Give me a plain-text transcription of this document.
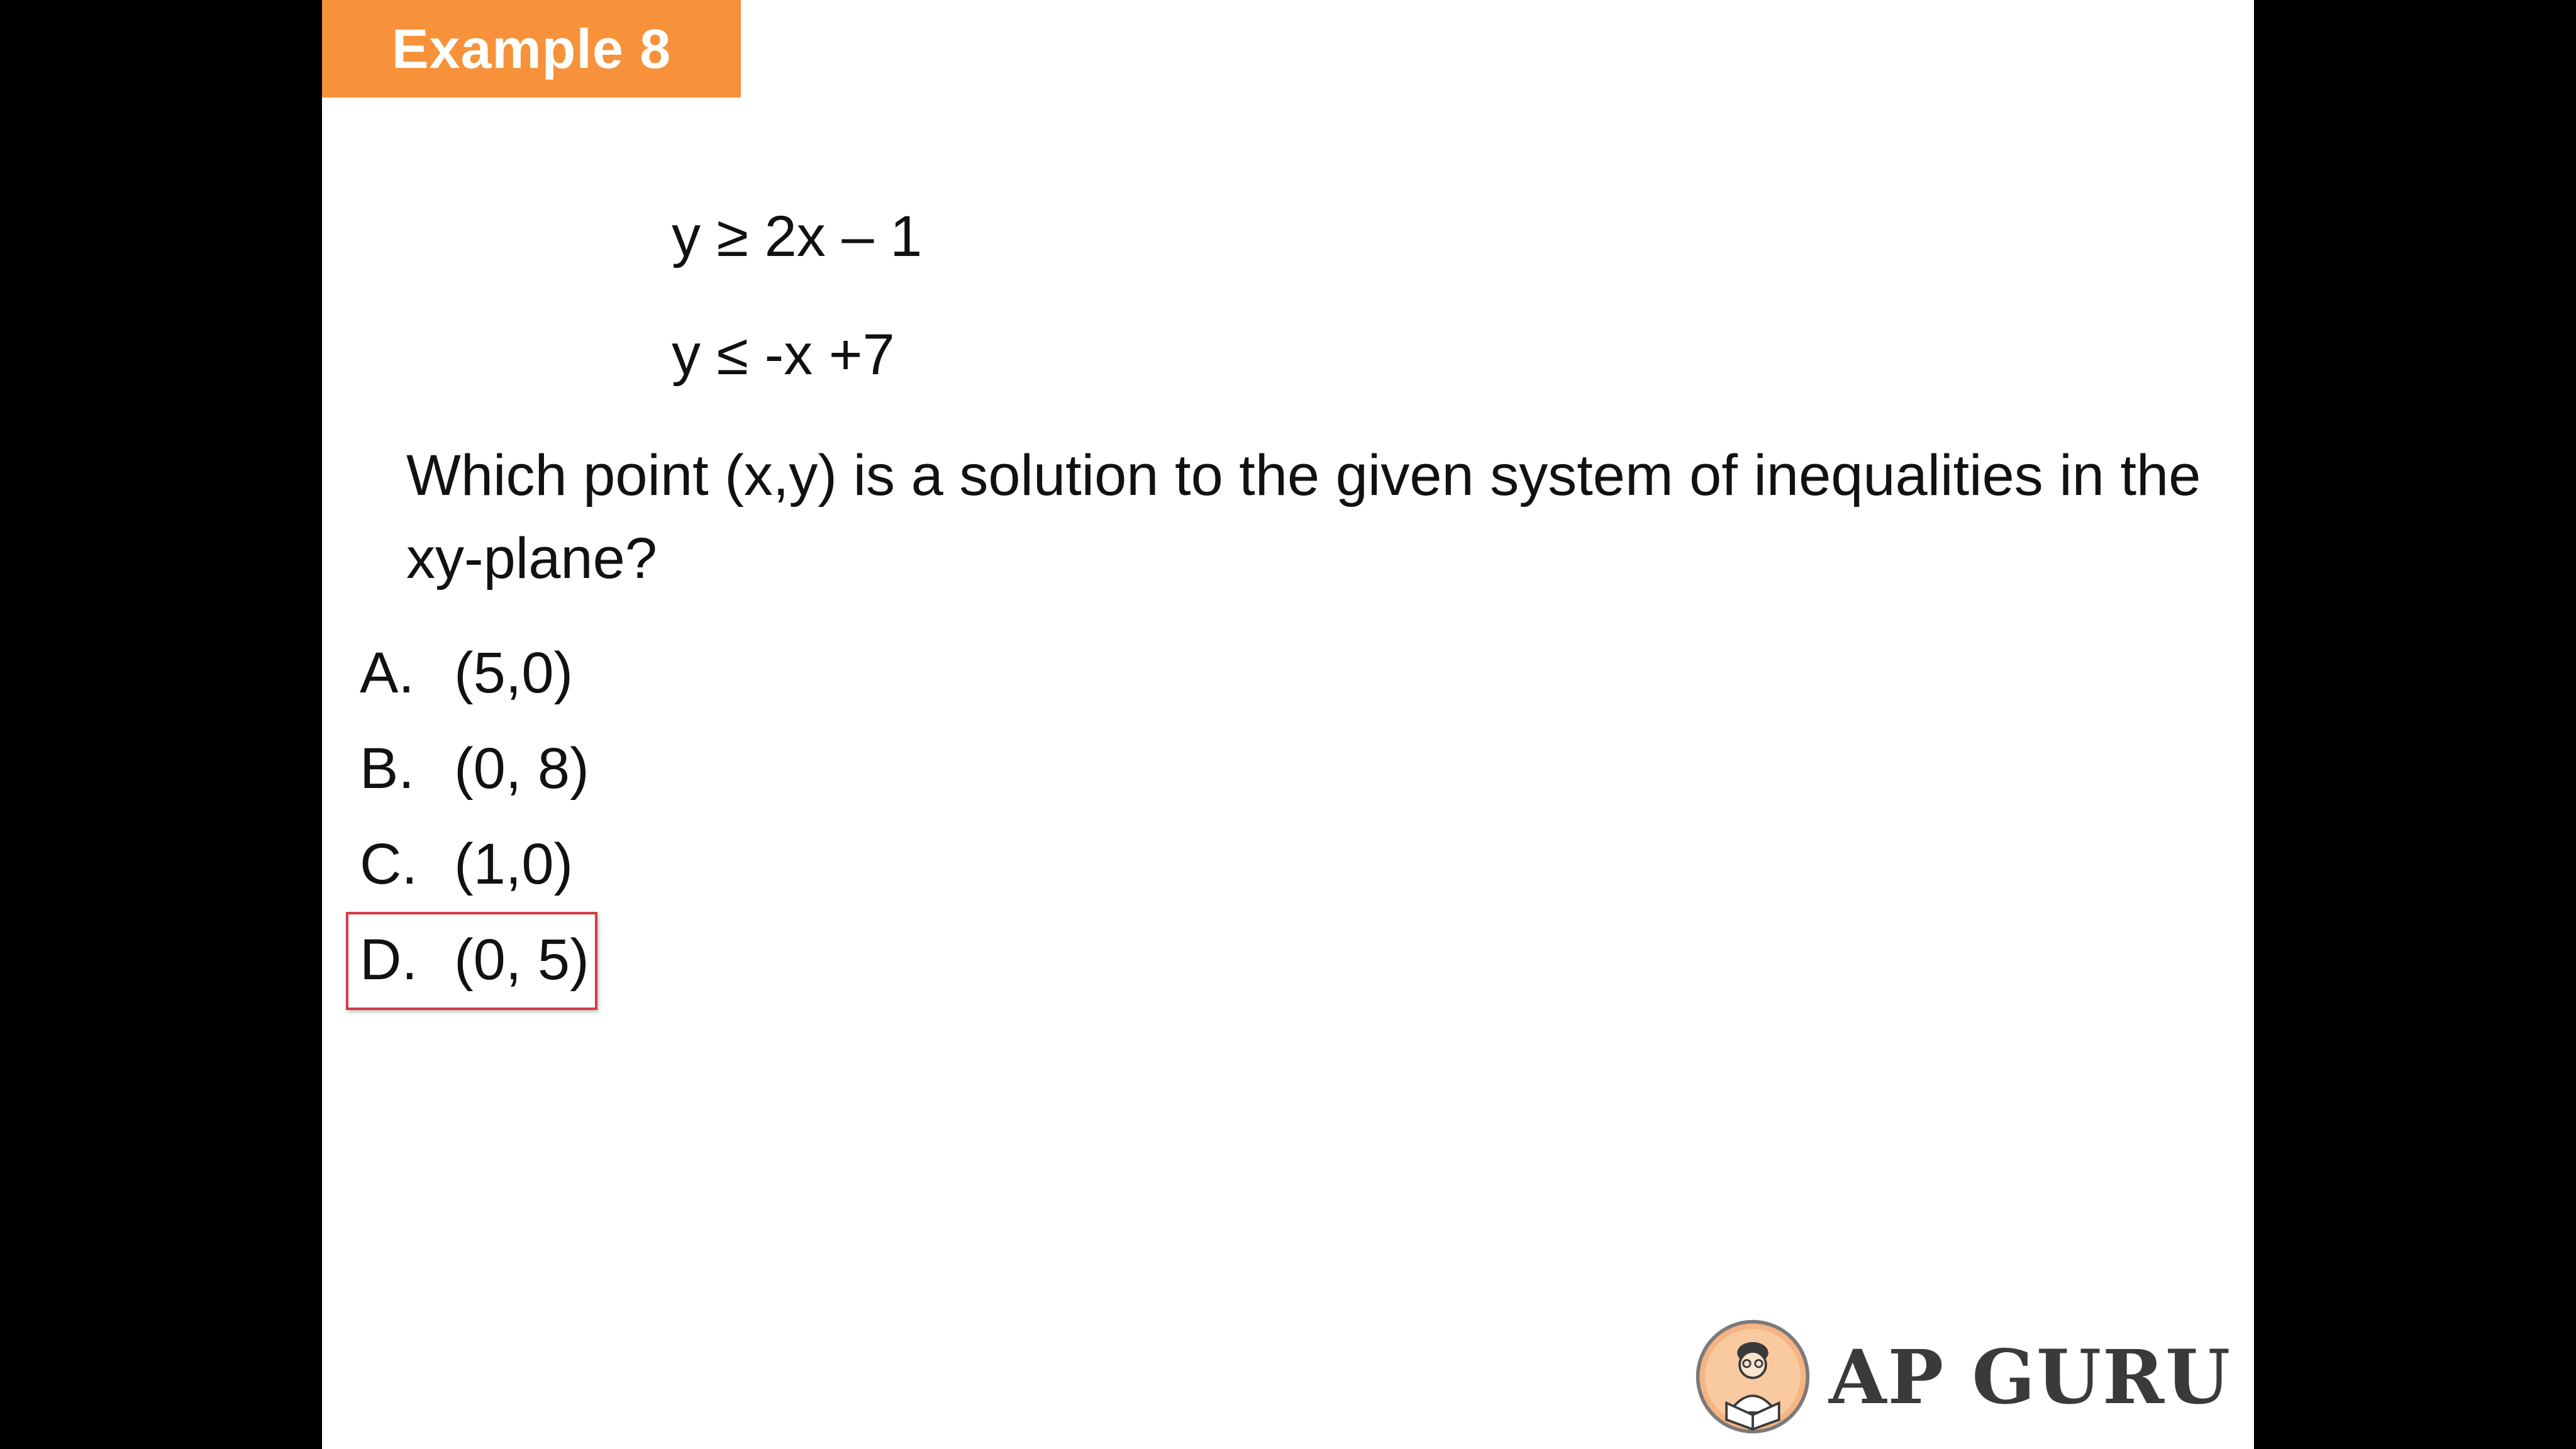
Example 8
y ≥ 2x – 1
y ≤ -x +7
Which point (x,y) is a solution to the given system of inequalities in the xy-plane?
A. (5,0)
B. (0, 8)
C. (1,0)
D. (0, 5)
AP GURU
